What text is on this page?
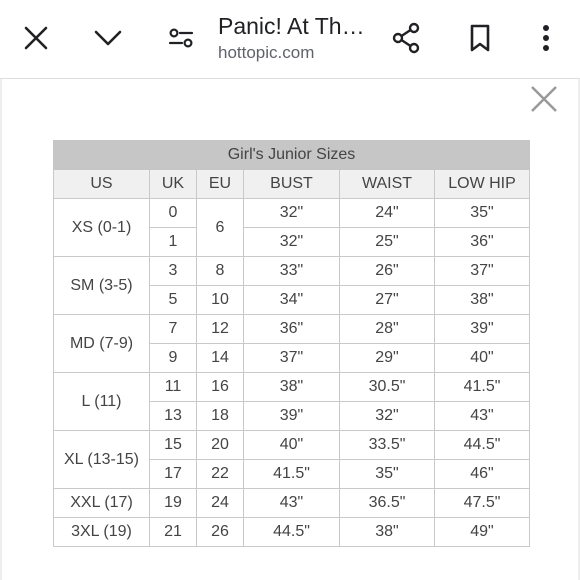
Panic! At Th…
hottopic.com
Girl's Junior Sizes					
US	UK	EU	BUST	WAIST	LOW HIP
XS (0-1)	0	6	32"	24"	35"
	1		32"	25"	36"
SM (3-5)	3	8	33"	26"	37"
	5	10	34"	27"	38"
MD (7-9)	7	12	36"	28"	39"
	9	14	37"	29"	40"
L (11)	11	16	38"	30.5"	41.5"
	13	18	39"	32"	43"
XL (13-15)	15	20	40"	33.5"	44.5"
	17	22	41.5"	35"	46"
XXL (17)	19	24	43"	36.5"	47.5"
3XL (19)	21	26	44.5"	38"	49"
